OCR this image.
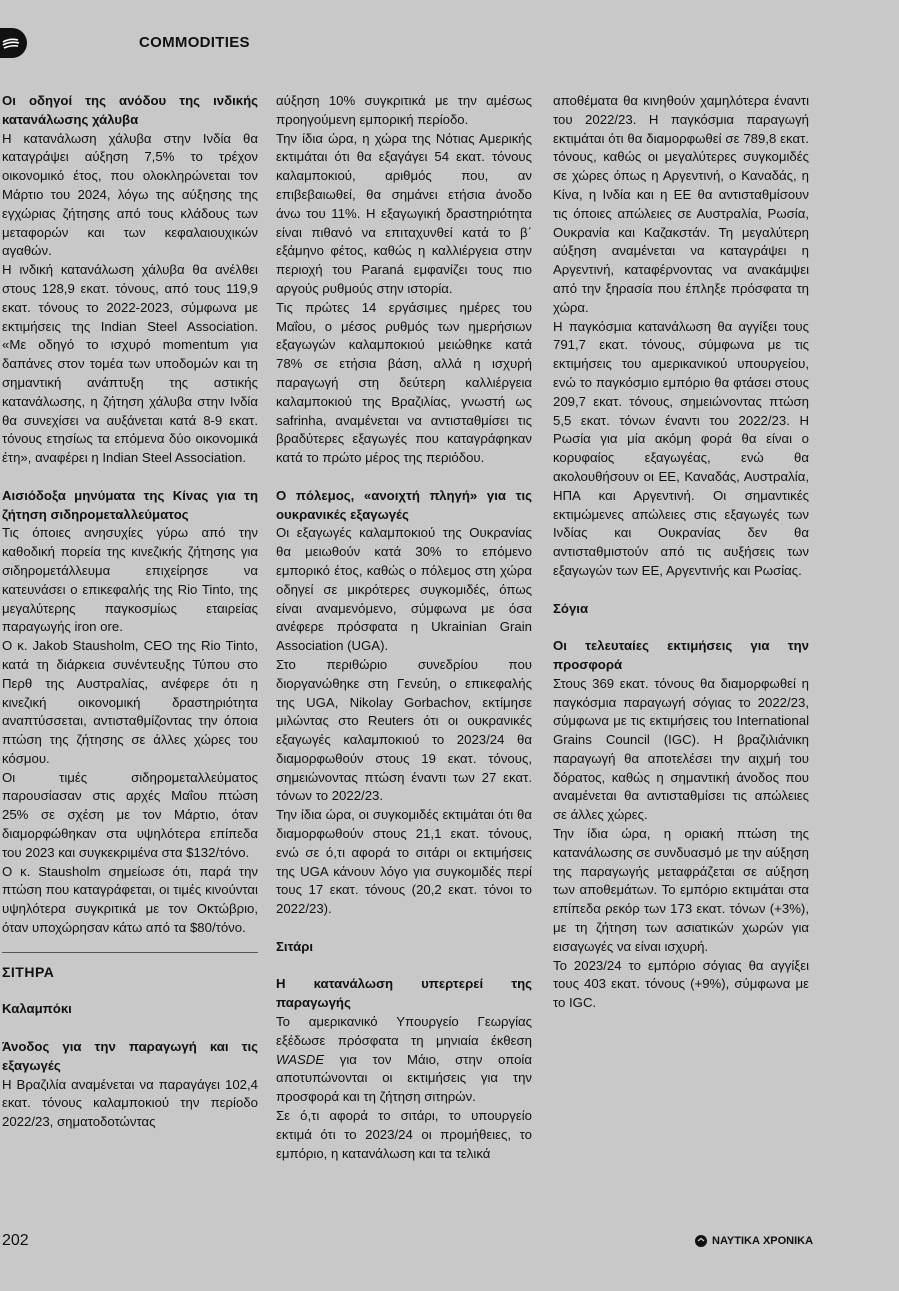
COMMODITIES

Οι οδηγοί της ανόδου της ινδικής κατανάλωσης χάλυβα

Η κατανάλωση χάλυβα στην Ινδία θα καταγράψει αύξηση 7,5% το τρέχον οικονομικό έτος, που ολοκληρώνεται τον Μάρτιο του 2024, λόγω της αύξησης της εγχώριας ζήτησης από τους κλάδους των μεταφορών και των κεφαλαιουχικών αγαθών.

Η ινδική κατανάλωση χάλυβα θα ανέλθει στους 128,9 εκατ. τόνους, από τους 119,9 εκατ. τόνους το 2022-2023, σύμφωνα με εκτιμήσεις της Indian Steel Association. «Με οδηγό το ισχυρό momentum για δαπάνες στον τομέα των υποδομών και τη σημαντική ανάπτυξη της αστικής κατανάλωσης, η ζήτηση χάλυβα στην Ινδία θα συνεχίσει να αυξάνεται κατά 8-9 εκατ. τόνους ετησίως τα επόμενα δύο οικονομικά έτη», αναφέρει η Indian Steel Association.

Αισιόδοξα μηνύματα της Κίνας για τη ζήτηση σιδηρομεταλλεύματος

Τις όποιες ανησυχίες γύρω από την καθοδική πορεία της κινεζικής ζήτησης για σιδηρομετάλλευμα επιχείρησε να κατευνάσει ο επικεφαλής της Rio Tinto, της μεγαλύτερης παγκοσμίως εταιρείας παραγωγής iron ore.

Ο κ. Jakob Stausholm, CEO της Rio Tinto, κατά τη διάρκεια συνέντευξης Τύπου στο Περθ της Αυστραλίας, ανέφερε ότι η κινεζική οικονομική δραστηριότητα αναπτύσσεται, αντισταθμίζοντας την όποια πτώση της ζήτησης σε άλλες χώρες του κόσμου.

Οι τιμές σιδηρομεταλλεύματος παρουσίασαν στις αρχές Μαΐου πτώση 25% σε σχέση με τον Μάρτιο, όταν διαμορφώθηκαν στα υψηλότερα επίπεδα του 2023 και συγκεκριμένα στα $132/τόνο.

Ο κ. Stausholm σημείωσε ότι, παρά την πτώση που καταγράφεται, οι τιμές κινούνται υψηλότερα συγκριτικά με τον Οκτώβριο, όταν υποχώρησαν κάτω από τα $80/τόνο.

ΣΙΤΗΡΑ

Καλαμπόκι

Άνοδος για την παραγωγή και τις εξαγωγές

Η Βραζιλία αναμένεται να παραγάγει 102,4 εκατ. τόνους καλαμποκιού την περίοδο 2022/23, σηματοδοτώντας

αύξηση 10% συγκριτικά με την αμέσως προηγούμενη εμπορική περίοδο.

Την ίδια ώρα, η χώρα της Νότιας Αμερικής εκτιμάται ότι θα εξαγάγει 54 εκατ. τόνους καλαμποκιού, αριθμός που, αν επιβεβαιωθεί, θα σημάνει ετήσια άνοδο άνω του 11%. Η εξαγωγική δραστηριότητα είναι πιθανό να επιταχυνθεί κατά το β΄ εξάμηνο φέτος, καθώς η καλλιέργεια στην περιοχή του Paraná εμφανίζει τους πιο αργούς ρυθμούς στην ιστορία.

Τις πρώτες 14 εργάσιμες ημέρες του Μαΐου, ο μέσος ρυθμός των ημερήσιων εξαγωγών καλαμποκιού μειώθηκε κατά 78% σε ετήσια βάση, αλλά η ισχυρή παραγωγή στη δεύτερη καλλιέργεια καλαμποκιού της Βραζιλίας, γνωστή ως safrinha, αναμένεται να αντισταθμίσει τις βραδύτερες εξαγωγές που καταγράφηκαν κατά το πρώτο μέρος της περιόδου.

Ο πόλεμος, «ανοιχτή πληγή» για τις ουκρανικές εξαγωγές

Οι εξαγωγές καλαμποκιού της Ουκρανίας θα μειωθούν κατά 30% το επόμενο εμπορικό έτος, καθώς ο πόλεμος στη χώρα οδηγεί σε μικρότερες συγκομιδές, όπως είναι αναμενόμενο, σύμφωνα με όσα ανέφερε πρόσφατα η Ukrainian Grain Association (UGA).

Στο περιθώριο συνεδρίου που διοργανώθηκε στη Γενεύη, ο επικεφαλής της UGA, Nikolay Gorbachov, εκτίμησε μιλώντας στο Reuters ότι οι ουκρανικές εξαγωγές καλαμποκιού το 2023/24 θα διαμορφωθούν στους 19 εκατ. τόνους, σημειώνοντας πτώση έναντι των 27 εκατ. τόνων το 2022/23.

Την ίδια ώρα, οι συγκομιδές εκτιμάται ότι θα διαμορφωθούν στους 21,1 εκατ. τόνους, ενώ σε ό,τι αφορά το σιτάρι οι εκτιμήσεις της UGA κάνουν λόγο για συγκομιδές περί τους 17 εκατ. τόνους (20,2 εκατ. τόνοι το 2022/23).

Σιτάρι

Η κατανάλωση υπερτερεί της παραγωγής

Το αμερικανικό Υπουργείο Γεωργίας εξέδωσε πρόσφατα τη μηνιαία έκθεση WASDE για τον Μάιο, στην οποία αποτυπώνονται οι εκτιμήσεις για την προσφορά και τη ζήτηση σιτηρών.

Σε ό,τι αφορά το σιτάρι, το υπουργείο εκτιμά ότι το 2023/24 οι προμήθειες, το εμπόριο, η κατανάλωση και τα τελικά

αποθέματα θα κινηθούν χαμηλότερα έναντι του 2022/23. Η παγκόσμια παραγωγή εκτιμάται ότι θα διαμορφωθεί σε 789,8 εκατ. τόνους, καθώς οι μεγαλύτερες συγκομιδές σε χώρες όπως η Αργεντινή, ο Καναδάς, η Κίνα, η Ινδία και η ΕΕ θα αντισταθμίσουν τις όποιες απώλειες σε Αυστραλία, Ρωσία, Ουκρανία και Καζακστάν. Τη μεγαλύτερη αύξηση αναμένεται να καταγράψει η Αργεντινή, καταφέρνοντας να ανακάμψει από την ξηρασία που έπληξε πρόσφατα τη χώρα.

Η παγκόσμια κατανάλωση θα αγγίξει τους 791,7 εκατ. τόνους, σύμφωνα με τις εκτιμήσεις του αμερικανικού υπουργείου, ενώ το παγκόσμιο εμπόριο θα φτάσει στους 209,7 εκατ. τόνους, σημειώνοντας πτώση 5,5 εκατ. τόνων έναντι του 2022/23. Η Ρωσία για μία ακόμη φορά θα είναι ο κορυφαίος εξαγωγέας, ενώ θα ακολουθήσουν οι ΕΕ, Καναδάς, Αυστραλία, ΗΠΑ και Αργεντινή. Οι σημαντικές εκτιμώμενες απώλειες στις εξαγωγές των Ινδίας και Ουκρανίας δεν θα αντισταθμιστούν από τις αυξήσεις των εξαγωγών των ΕΕ, Αργεντινής και Ρωσίας.

Σόγια

Οι τελευταίες εκτιμήσεις για την προσφορά

Στους 369 εκατ. τόνους θα διαμορφωθεί η παγκόσμια παραγωγή σόγιας το 2022/23, σύμφωνα με τις εκτιμήσεις του International Grains Council (IGC). Η βραζιλιάνικη παραγωγή θα αποτελέσει την αιχμή του δόρατος, καθώς η σημαντική άνοδος που αναμένεται θα αντισταθμίσει τις απώλειες σε άλλες χώρες.

Την ίδια ώρα, η οριακή πτώση της κατανάλωσης σε συνδυασμό με την αύξηση της παραγωγής μεταφράζεται σε αύξηση των αποθεμάτων. Το εμπόριο εκτιμάται στα επίπεδα ρεκόρ των 173 εκατ. τόνων (+3%), με τη ζήτηση των ασιατικών χωρών για εισαγωγές να είναι ισχυρή.

Το 2023/24 το εμπόριο σόγιας θα αγγίξει τους 403 εκατ. τόνους (+9%), σύμφωνα με το IGC.

202	ΝΑΥΤΙΚΑ ΧΡΟΝΙΚΑ
